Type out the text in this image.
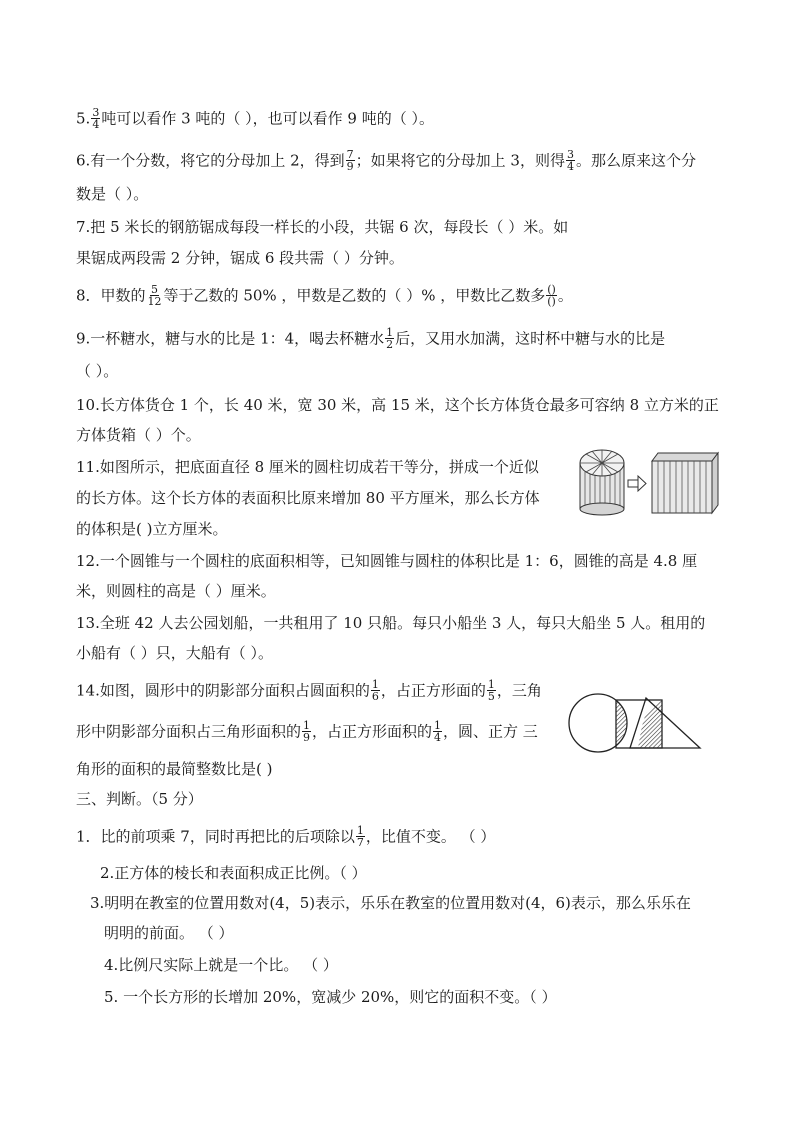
5. $\frac{3}{4}$ 吨可以看作 3 吨的（ ），也可以看作 9 吨的（ ）。
6.有一个分数，将它的分母加上 2，得到 $\frac{7}{9}$ ；如果将它的分母加上 3，则得 $\frac{3}{4}$ 。那么原来这个分
数是（ ）。
7.把 5 米长的钢筋锯成每段一样长的小段，共锯 6 次，每段长（ ）米。如
果锯成两段需 2 分钟，锯成 6 段共需（ ）分钟。
8．甲数的 $\frac{5}{12}$ 等于乙数的 50% ，甲数是乙数的（ ）% ，甲数比乙数多 ()
() 。
9.一杯糖水，糖与水的比是 1：4，喝去杯糖水 $\frac{1}{2}$ 后，又用水加满，这时杯中糖与水的比是
（ ）。
10.长方体货仓 1 个，长 40 米，宽 30 米，高 15 米，这个长方体货仓最多可容纳 8 立方米的正
方体货箱（ ）个。
11.如图所示，把底面直径 8 厘米的圆柱切成若干等分，拼成一个近似
的长方体。这个长方体的表面积比原来增加 80 平方厘米，那么长方体
的体积是( )立方厘米。
12.一个圆锥与一个圆柱的底面积相等，已知圆锥与圆柱的体积比是 1：6，圆锥的高是 4.8 厘
米，则圆柱的高是（ ）厘米。
13.全班 42 人去公园划船，一共租用了 10 只船。每只小船坐 3 人，每只大船坐 5 人。租用的
小船有（ ）只，大船有（ ）。
14.如图，圆形中的阴影部分面积占圆面积的 $\frac{1}{6}$ ，占正方形面的 $\frac{1}{5}$ ，三角
形中阴影部分面积占三角形面积的 $\frac{1}{9}$ ，占正方形面积的 $\frac{1}{4}$ ，圆、正方 三
角形的面积的最简整数比是( )
三、判断。（5 分）
1．比的前项乘 7，同时再把比的后项除以 $\frac{1}{7}$ ，比值不变。 （ ）
2.正方体的棱长和表面积成正比例。（ ）
3.明明在教室的位置用数对(4，5)表示，乐乐在教室的位置用数对(4，6)表示，那么乐乐在
明明的前面。 （ ）
4.比例尺实际上就是一个比。 （ ）
5. 一个长方形的长增加 20%，宽减少 20%，则它的面积不变。（ ）
